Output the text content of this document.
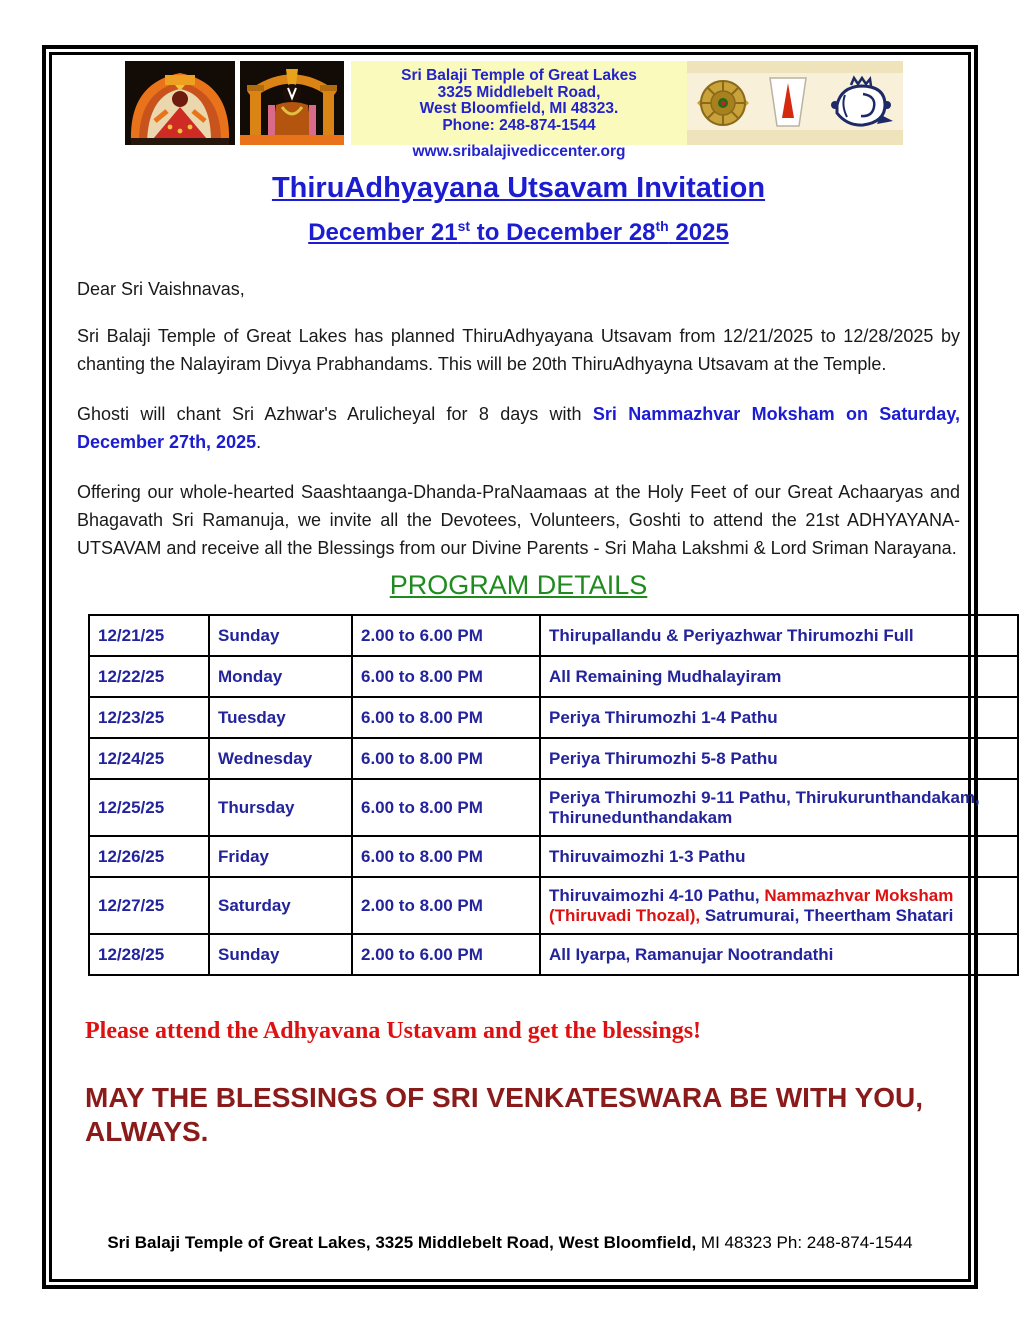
Sri Balaji Temple of Great Lakes
3325 Middlebelt Road,
West Bloomfield, MI 48323.
Phone: 248-874-1544
www.sribalajivediccenter.org
ThiruAdhyayana Utsavam Invitation
December 21st to December 28th 2025

Dear Sri Vaishnavas,

Sri Balaji Temple of Great Lakes has planned ThiruAdhyayana Utsavam from 12/21/2025 to 12/28/2025 by chanting the Nalayiram Divya Prabhandams. This will be 20th ThiruAdhyayna Utsavam at the Temple.

Ghosti will chant Sri Azhwar's Arulicheyal for 8 days with Sri Nammazhvar Moksham on Saturday, December 27th, 2025.

Offering our whole-hearted Saashtaanga-Dhanda-PraNaamaas at the Holy Feet of our Great Achaaryas and Bhagavath Sri Ramanuja, we invite all the Devotees, Volunteers, Goshti to attend the 21st ADHYAYANA-UTSAVAM and receive all the Blessings from our Divine Parents - Sri Maha Lakshmi & Lord Sriman Narayana.

PROGRAM DETAILS
12/21/25	Sunday	2.00 to 6.00 PM	Thirupallandu & Periyazhwar Thirumozhi Full
12/22/25	Monday	6.00 to 8.00 PM	All Remaining Mudhalayiram
12/23/25	Tuesday	6.00 to 8.00 PM	Periya Thirumozhi 1-4 Pathu
12/24/25	Wednesday	6.00 to 8.00 PM	Periya Thirumozhi 5-8 Pathu
12/25/25	Thursday	6.00 to 8.00 PM	Periya Thirumozhi 9-11 Pathu, Thirukurunthandakam, Thirunedunthandakam
12/26/25	Friday	6.00 to 8.00 PM	Thiruvaimozhi 1-3 Pathu
12/27/25	Saturday	2.00 to 8.00 PM	Thiruvaimozhi 4-10 Pathu, Nammazhvar Moksham (Thiruvadi Thozal), Satrumurai, Theertham Shatari
12/28/25	Sunday	2.00 to 6.00 PM	All Iyarpa, Ramanujar Nootrandathi

Please attend the Adhyavana Ustavam and get the blessings!

MAY THE BLESSINGS OF SRI VENKATESWARA BE WITH YOU,
ALWAYS.

Sri Balaji Temple of Great Lakes, 3325 Middlebelt Road, West Bloomfield, MI 48323 Ph: 248-874-1544
